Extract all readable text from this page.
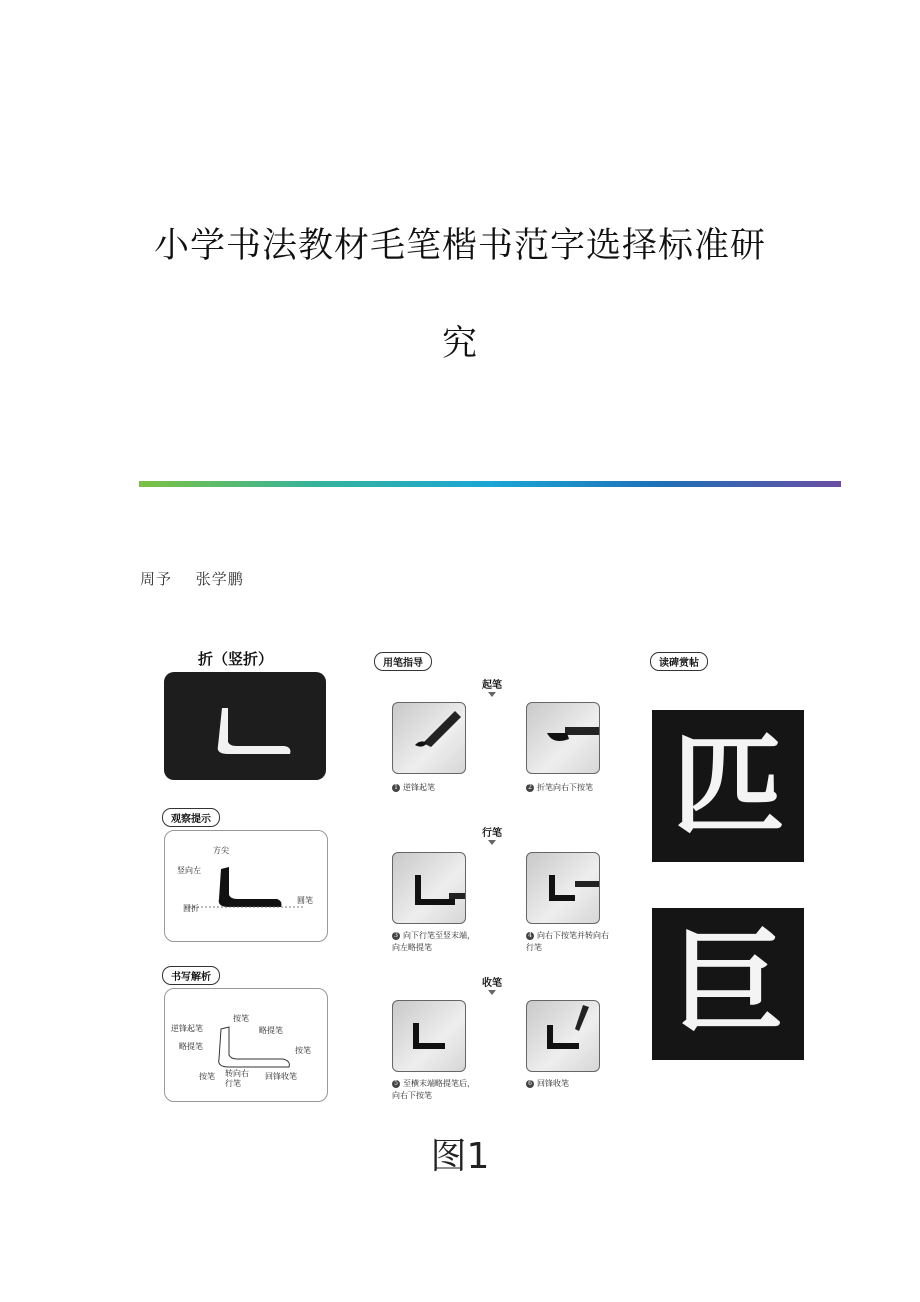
小学书法教材毛笔楷书范字选择标准研
究
周予 张学鹏
折（竖折）
观察提示
方尖
竖向左
圆折
圆笔
书写解析
逆锋起笔
按笔
略提笔
略提笔	按笔
按笔 转向右
行笔
回锋收笔
用笔指导
起笔
1 逆锋起笔	2 折笔向右下按笔
行笔
3 向下行笔至竖末端，向左略提笔
4 向右下按笔并转向右行笔
收笔
5 至横末端略提笔后，向右下按笔
6 回锋收笔
读碑赏帖
匹
巨
图1
